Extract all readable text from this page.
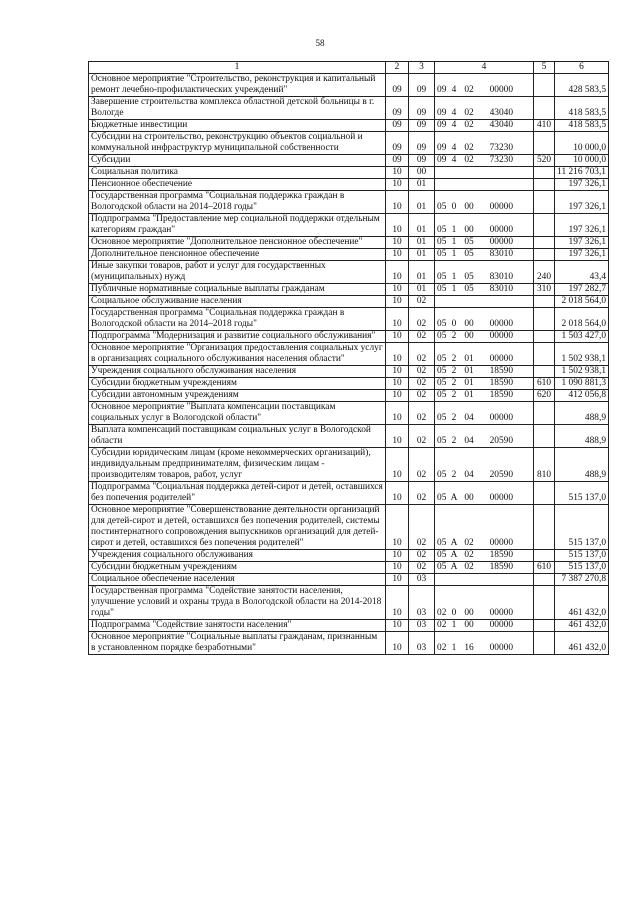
58
1	2	3	4	5	6
Основное мероприятие "Строительство, реконструкция и капитальный ремонт лечебно-профилактических учреждений"	09	09	09 4 02 00000		428 583,5
Завершение строительства комплекса областной детской больницы в г. Вологде	09	09	09 4 02 43040		418 583,5
Бюджетные инвестиции	09	09	09 4 02 43040	410	418 583,5
Субсидии на строительство, реконструкцию объектов социальной и коммунальной инфраструктур муниципальной собственности	09	09	09 4 02 73230		10 000,0
Субсидии	09	09	09 4 02 73230	520	10 000,0
Социальная политика	10	00			11 216 703,1
Пенсионное обеспечение	10	01			197 326,1
Государственная программа "Социальная поддержка граждан в Вологодской области на 2014–2018 годы"	10	01	05 0 00 00000		197 326,1
Подпрограмма "Предоставление мер социальной поддержки отдельным категориям граждан"	10	01	05 1 00 00000		197 326,1
Основное мероприятие "Дополнительное пенсионное обеспечение"	10	01	05 1 05 00000		197 326,1
Дополнительное пенсионное обеспечение	10	01	05 1 05 83010		197 326,1
Иные закупки товаров, работ и услуг для государственных (муниципальных) нужд	10	01	05 1 05 83010	240	43,4
Публичные нормативные социальные выплаты гражданам	10	01	05 1 05 83010	310	197 282,7
Социальное обслуживание населения	10	02			2 018 564,0
Государственная программа "Социальная поддержка граждан в Вологодской области на 2014–2018 годы"	10	02	05 0 00 00000		2 018 564,0
Подпрограмма "Модернизация и развитие социального обслуживания"	10	02	05 2 00 00000		1 503 427,0
Основное мероприятие "Организация предоставления социальных услуг в организациях социального обслуживания населения области"	10	02	05 2 01 00000		1 502 938,1
Учреждения социального обслуживания населения	10	02	05 2 01 18590		1 502 938,1
Субсидии бюджетным учреждениям	10	02	05 2 01 18590	610	1 090 881,3
Субсидии автономным учреждениям	10	02	05 2 01 18590	620	412 056,8
Основное мероприятие "Выплата компенсации поставщикам социальных услуг в Вологодской области"	10	02	05 2 04 00000		488,9
Выплата компенсаций поставщикам социальных услуг в Вологодской области	10	02	05 2 04 20590		488,9
Субсидии юридическим лицам (кроме некоммерческих организаций), индивидуальным предпринимателям, физическим лицам - производителям товаров, работ, услуг	10	02	05 2 04 20590	810	488,9
Подпрограмма "Социальная поддержка детей-сирот и детей, оставшихся без попечения родителей"	10	02	05 А 00 00000		515 137,0
Основное мероприятие "Совершенствование деятельности организаций для детей-сирот и детей, оставшихся без попечения родителей, системы постинтернатного сопровождения выпускников организаций для детей-сирот и детей, оставшихся без попечения родителей"	10	02	05 А 02 00000		515 137,0
Учреждения социального обслуживания	10	02	05 А 02 18590		515 137,0
Субсидии бюджетным учреждениям	10	02	05 А 02 18590	610	515 137,0
Социальное обеспечение населения	10	03			7 387 270,8
Государственная программа "Содействие занятости населения, улучшение условий и охраны труда в Вологодской области на 2014-2018 годы"	10	03	02 0 00 00000		461 432,0
Подпрограмма "Содействие занятости населения"	10	03	02 1 00 00000		461 432,0
Основное мероприятие "Социальные выплаты гражданам, признанным в установленном порядке безработными"	10	03	02 1 16 00000		461 432,0
